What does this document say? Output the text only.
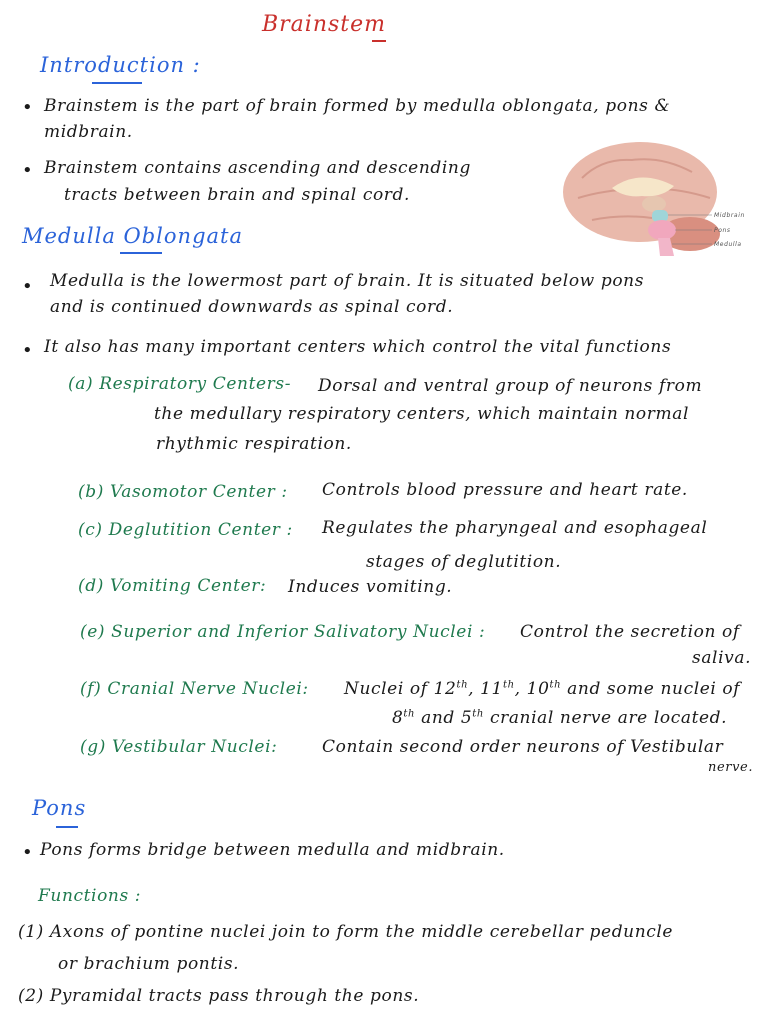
Brainstem
Introduction :
• Brainstem is the part of brain formed by medulla oblongata, pons &
midbrain.
• Brainstem contains ascending and descending
tracts between brain and spinal cord.
Midbrain
Pons
Medulla
Medulla Oblongata
• Medulla is the lowermost part of brain. It is situated below pons
and is continued downwards as spinal cord.
• It also has many important centers which control the vital functions
(a) Respiratory Centers- Dorsal and ventral group of neurons from
the medullary respiratory centers, which maintain normal
rhythmic respiration.
(b) Vasomotor Center : Controls blood pressure and heart rate.
(c) Deglutition Center : Regulates the pharyngeal and esophageal
stages of deglutition.
(d) Vomiting Center: Induces vomiting.
(e) Superior and Inferior Salivatory Nuclei : Control the secretion of
saliva.
(f) Cranial Nerve Nuclei: Nuclei of 12th, 11th, 10th and some nuclei of
8th and 5th cranial nerve are located.
(g) Vestibular Nuclei:	Contain second order neurons of Vestibular
nerve.
Pons
• Pons forms bridge between medulla and midbrain.
Functions :
(1) Axons of pontine nuclei join to form the middle cerebellar peduncle
or brachium pontis.
(2) Pyramidal tracts pass through the pons.
